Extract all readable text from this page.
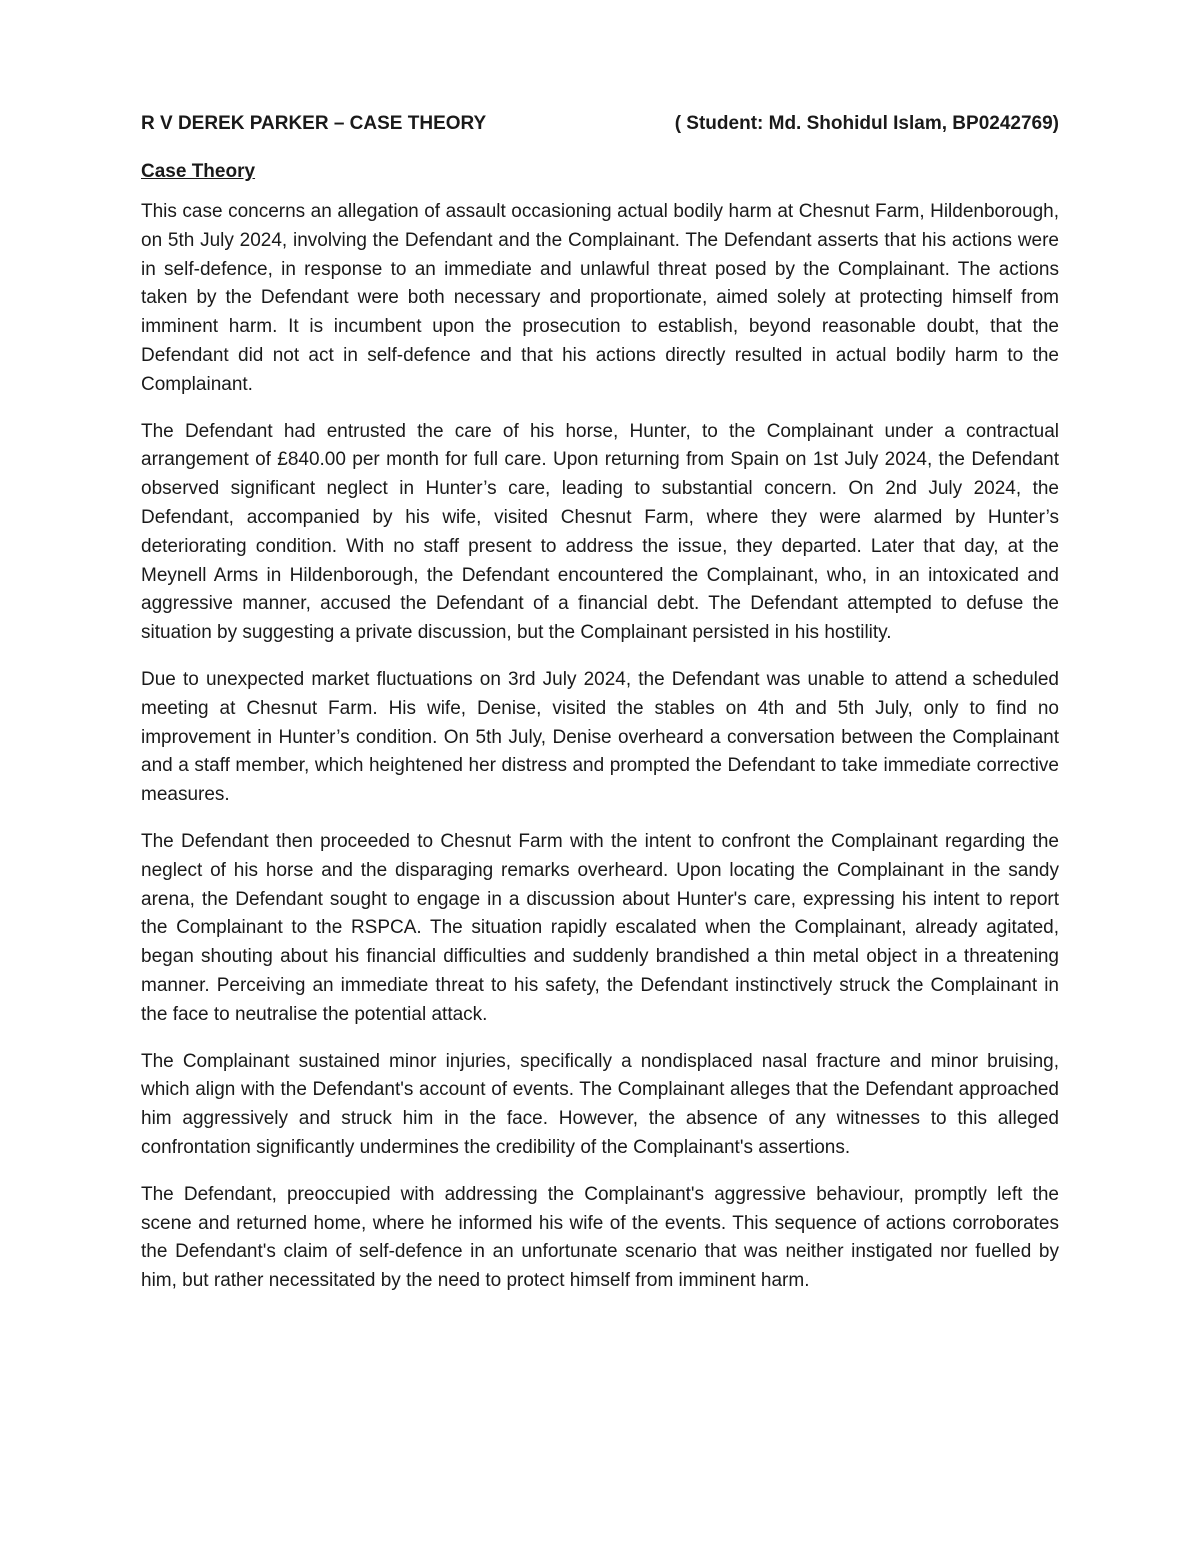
R V DEREK PARKER – CASE THEORY	( Student: Md. Shohidul Islam, BP0242769)
Case Theory

This case concerns an allegation of assault occasioning actual bodily harm at Chesnut Farm, Hildenborough, on 5th July 2024, involving the Defendant and the Complainant. The Defendant asserts that his actions were in self-defence, in response to an immediate and unlawful threat posed by the Complainant. The actions taken by the Defendant were both necessary and proportionate, aimed solely at protecting himself from imminent harm. It is incumbent upon the prosecution to establish, beyond reasonable doubt, that the Defendant did not act in self-defence and that his actions directly resulted in actual bodily harm to the Complainant.

The Defendant had entrusted the care of his horse, Hunter, to the Complainant under a contractual arrangement of £840.00 per month for full care. Upon returning from Spain on 1st July 2024, the Defendant observed significant neglect in Hunter’s care, leading to substantial concern. On 2nd July 2024, the Defendant, accompanied by his wife, visited Chesnut Farm, where they were alarmed by Hunter’s deteriorating condition. With no staff present to address the issue, they departed. Later that day, at the Meynell Arms in Hildenborough, the Defendant encountered the Complainant, who, in an intoxicated and aggressive manner, accused the Defendant of a financial debt. The Defendant attempted to defuse the situation by suggesting a private discussion, but the Complainant persisted in his hostility.

Due to unexpected market fluctuations on 3rd July 2024, the Defendant was unable to attend a scheduled meeting at Chesnut Farm. His wife, Denise, visited the stables on 4th and 5th July, only to find no improvement in Hunter’s condition. On 5th July, Denise overheard a conversation between the Complainant and a staff member, which heightened her distress and prompted the Defendant to take immediate corrective measures.

The Defendant then proceeded to Chesnut Farm with the intent to confront the Complainant regarding the neglect of his horse and the disparaging remarks overheard. Upon locating the Complainant in the sandy arena, the Defendant sought to engage in a discussion about Hunter's care, expressing his intent to report the Complainant to the RSPCA. The situation rapidly escalated when the Complainant, already agitated, began shouting about his financial difficulties and suddenly brandished a thin metal object in a threatening manner. Perceiving an immediate threat to his safety, the Defendant instinctively struck the Complainant in the face to neutralise the potential attack.

The Complainant sustained minor injuries, specifically a nondisplaced nasal fracture and minor bruising, which align with the Defendant's account of events. The Complainant alleges that the Defendant approached him aggressively and struck him in the face. However, the absence of any witnesses to this alleged confrontation significantly undermines the credibility of the Complainant's assertions.

The Defendant, preoccupied with addressing the Complainant's aggressive behaviour, promptly left the scene and returned home, where he informed his wife of the events. This sequence of actions corroborates the Defendant's claim of self-defence in an unfortunate scenario that was neither instigated nor fuelled by him, but rather necessitated by the need to protect himself from imminent harm.
